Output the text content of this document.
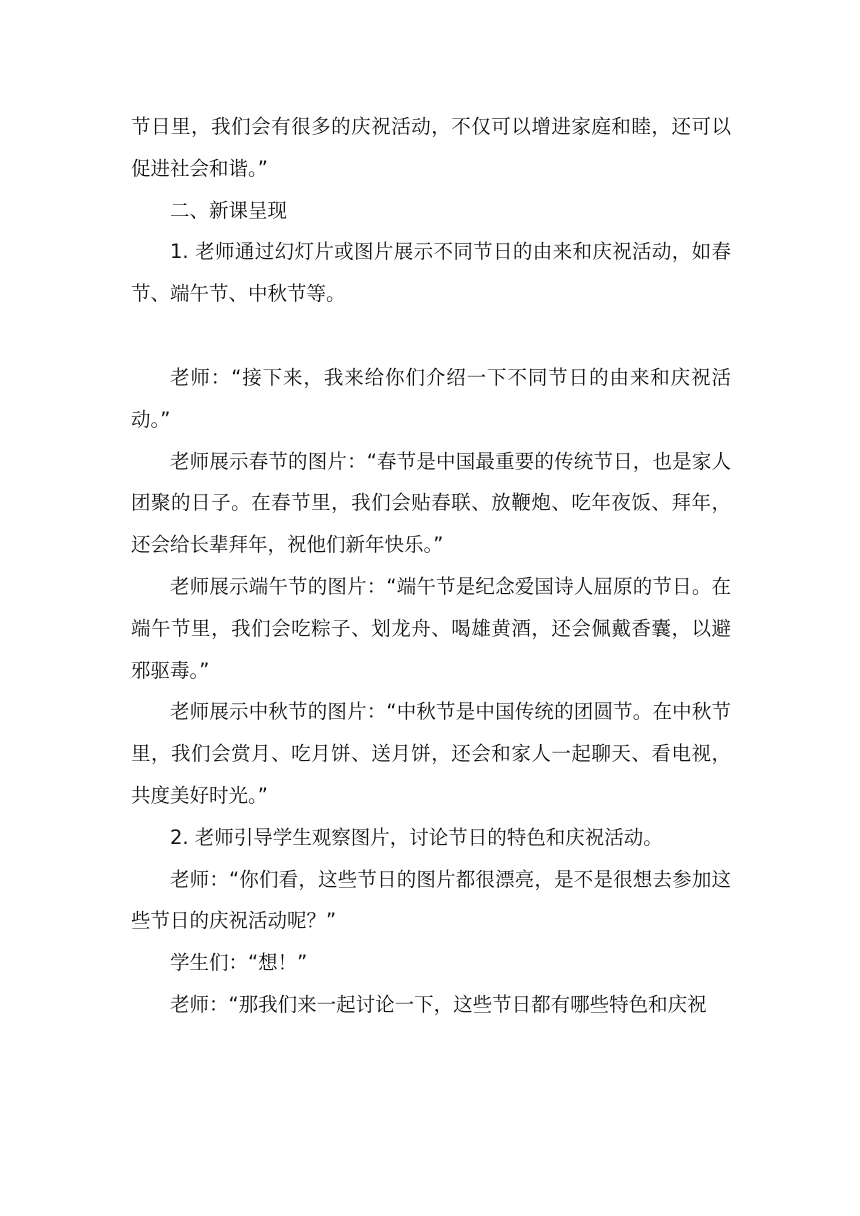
节日里，我们会有很多的庆祝活动，不仅可以增进家庭和睦，还可以促进社会和谐。”

二、新课呈现

1. 老师通过幻灯片或图片展示不同节日的由来和庆祝活动，如春节、端午节、中秋节等。

老师：“接下来，我来给你们介绍一下不同节日的由来和庆祝活动。”

老师展示春节的图片：“春节是中国最重要的传统节日，也是家人团聚的日子。在春节里，我们会贴春联、放鞭炮、吃年夜饭、拜年，还会给长辈拜年，祝他们新年快乐。”

老师展示端午节的图片：“端午节是纪念爱国诗人屈原的节日。在端午节里，我们会吃粽子、划龙舟、喝雄黄酒，还会佩戴香囊，以避邪驱毒。”

老师展示中秋节的图片：“中秋节是中国传统的团圆节。在中秋节里，我们会赏月、吃月饼、送月饼，还会和家人一起聊天、看电视，共度美好时光。”

2. 老师引导学生观察图片，讨论节日的特色和庆祝活动。

老师：“你们看，这些节日的图片都很漂亮，是不是很想去参加这些节日的庆祝活动呢？”

学生们：“想！”

老师：“那我们来一起讨论一下，这些节日都有哪些特色和庆祝
